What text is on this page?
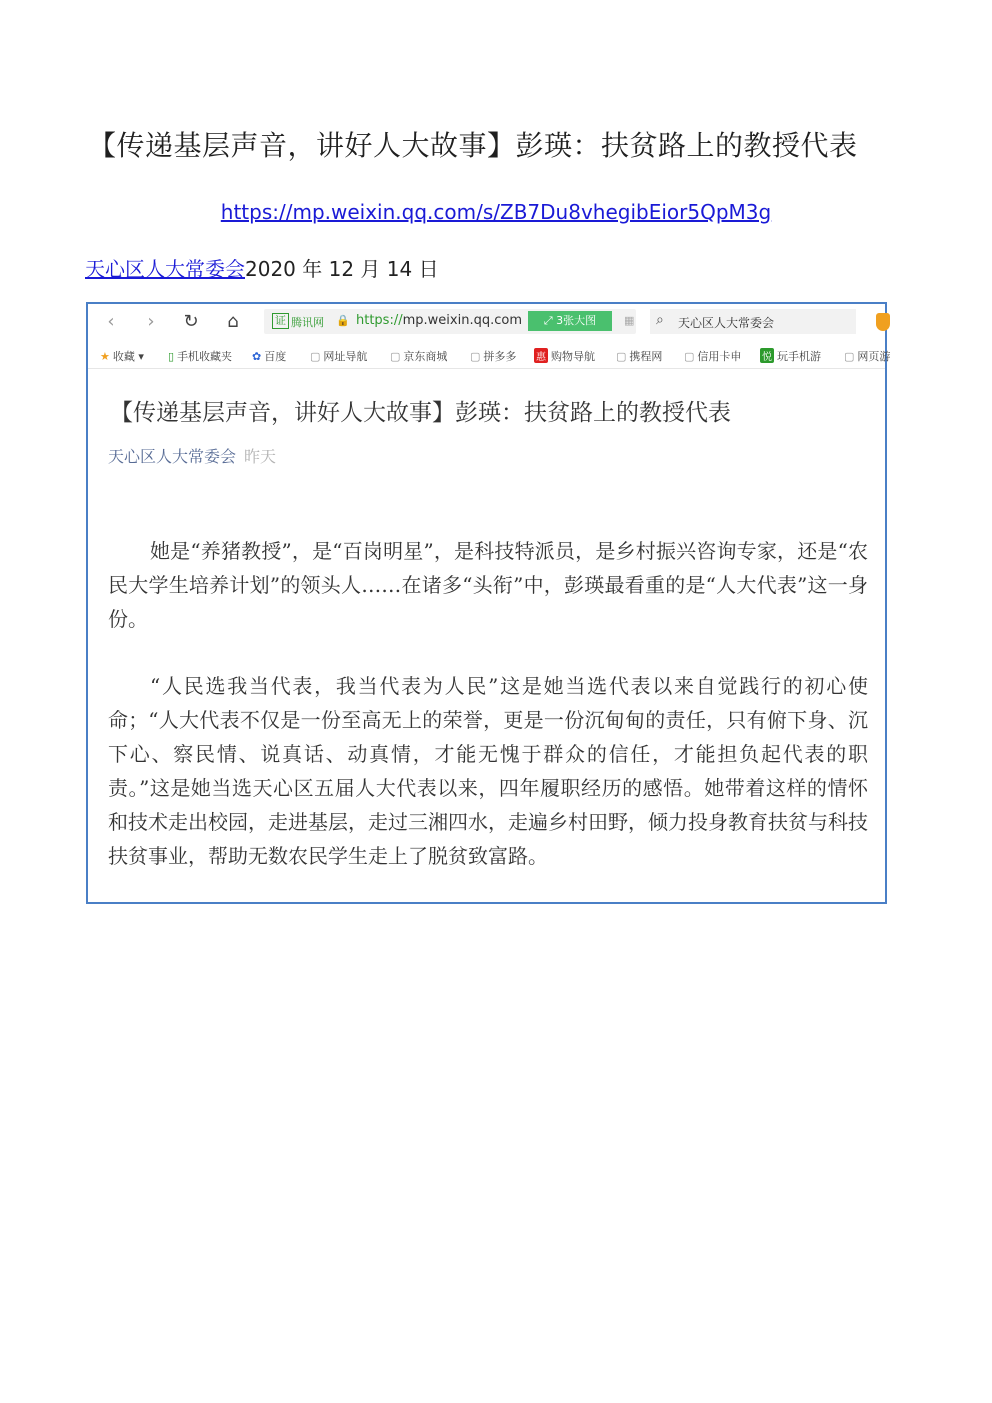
【传递基层声音，讲好人大故事】彭瑛：扶贫路上的教授代表
https://mp.weixin.qq.com/s/ZB7Du8vhegibEior5QpM3g
天心区人大常委会2020 年 12 月 14 日
‹	›	↻ ⌂	证 腾讯网 🔒 https://mp.weixin.qq.com	⤢ 3张大图	▦ ⌕ 天心区人大常委会
★ 收藏 ▾ ▯ 手机收藏夹 ✿ 百度 ▢ 网址导航 ▢ 京东商城 ▢ 拼多多 惠 购物导航 ▢ 携程网 ▢ 信用卡申 悦 玩手机游 ▢ 网页游
【传递基层声音，讲好人大故事】彭瑛：扶贫路上的教授代表
天心区人大常委会 昨天
她是“养猪教授”，是“百岗明星”，是科技特派员，是乡村振兴咨询专家，还是“农民大学生培养计划”的领头人……在诸多“头衔”中，彭瑛最看重的是“人大代表”这一身份。
“人民选我当代表，我当代表为人民”这是她当选代表以来自觉践行的初心使命；“人大代表不仅是一份至高无上的荣誉，更是一份沉甸甸的责任，只有俯下身、沉下心、察民情、说真话、动真情，才能无愧于群众的信任，才能担负起代表的职责。”这是她当选天心区五届人大代表以来，四年履职经历的感悟。她带着这样的情怀和技术走出校园，走进基层，走过三湘四水，走遍乡村田野，倾力投身教育扶贫与科技扶贫事业，帮助无数农民学生走上了脱贫致富路。
